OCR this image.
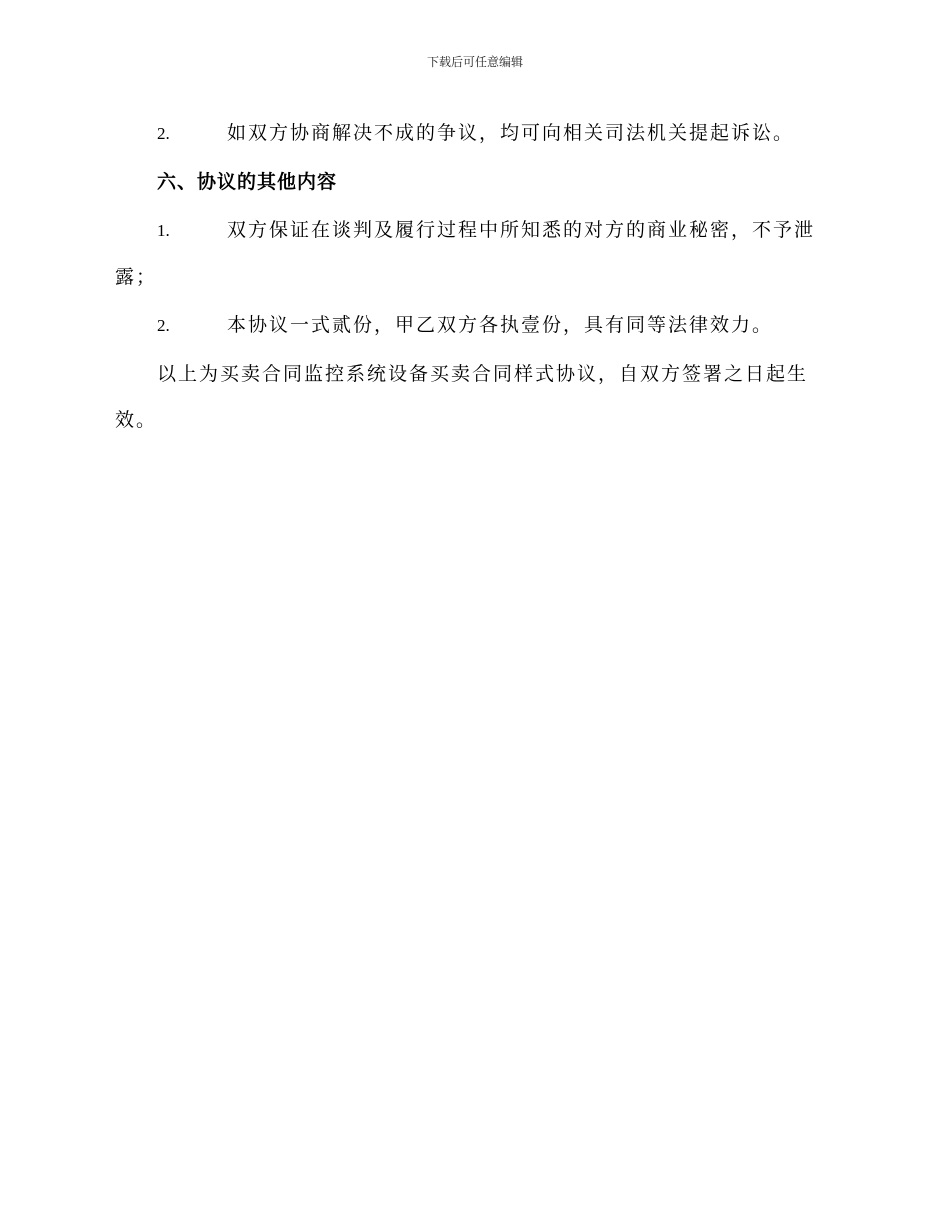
下载后可任意编辑

2.	如双方协商解决不成的争议，均可向相关司法机关提起诉讼。

六、协议的其他内容

1.	双方保证在谈判及履行过程中所知悉的对方的商业秘密，不予泄露；

2.	本协议一式贰份，甲乙双方各执壹份，具有同等法律效力。

以上为买卖合同监控系统设备买卖合同样式协议，自双方签署之日起生效。
